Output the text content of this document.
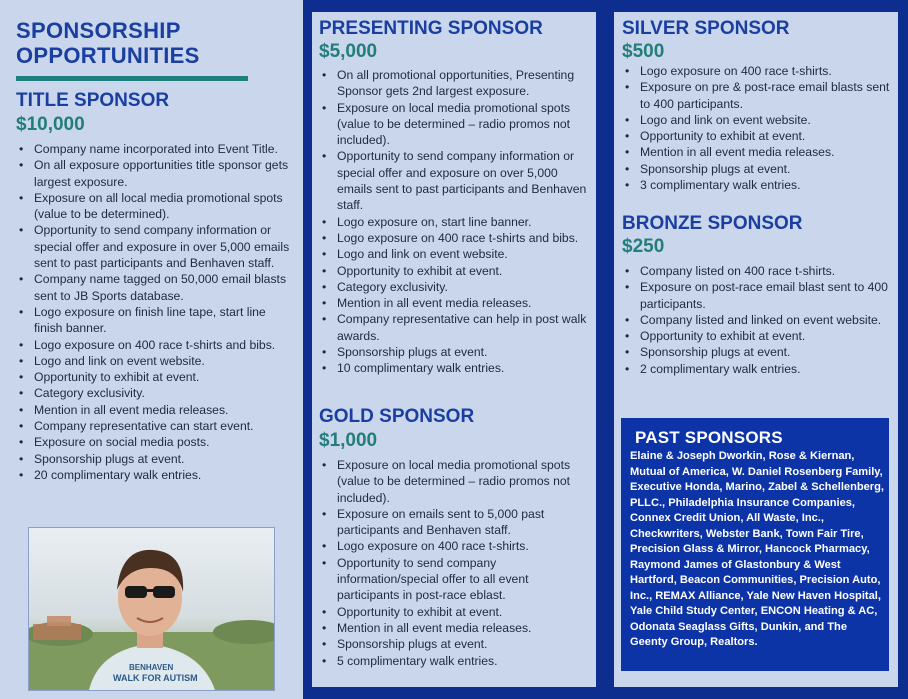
SPONSORSHIP
OPPORTUNITIES
TITLE SPONSOR
$10,000
• Company name incorporated into Event Title.
• On all exposure opportunities title sponsor gets largest exposure.
• Exposure on all local media promotional spots (value to be determined).
• Opportunity to send company information or special offer and exposure in over 5,000 emails sent to past participants and Benhaven staff.
• Company name tagged on 50,000 email blasts sent to JB Sports database.
• Logo exposure on finish line tape, start line finish banner.
• Logo exposure on 400 race t-shirts and bibs.
• Logo and link on event website.
• Opportunity to exhibit at event.
• Category exclusivity.
• Mention in all event media releases.
• Company representative can start event.
• Exposure on social media posts.
• Sponsorship plugs at event.
• 20 complimentary walk entries.
BENHAVEN
WALK FOR AUTISM
PRESENTING SPONSOR
$5,000
• On all promotional opportunities, Presenting Sponsor gets 2nd largest exposure.
• Exposure on local media promotional spots (value to be determined – radio promos not included).
• Opportunity to send company information or special offer and exposure on over 5,000 emails sent to past participants and Benhaven staff.
• Logo exposure on, start line banner.
• Logo exposure on 400 race t-shirts and bibs.
• Logo and link on event website.
• Opportunity to exhibit at event.
• Category exclusivity.
• Mention in all event media releases.
• Company representative can help in post walk awards.
• Sponsorship plugs at event.
• 10 complimentary walk entries.
GOLD SPONSOR
$1,000
• Exposure on local media promotional spots (value to be determined – radio promos not included).
• Exposure on emails sent to 5,000 past participants and Benhaven staff.
• Logo exposure on 400 race t-shirts.
• Opportunity to send company information/special offer to all event participants in post-race eblast.
• Opportunity to exhibit at event.
• Mention in all event media releases.
• Sponsorship plugs at event.
• 5 complimentary walk entries.
SILVER SPONSOR
$500
• Logo exposure on 400 race t-shirts.
• Exposure on pre & post-race email blasts sent to 400 participants.
• Logo and link on event website.
• Opportunity to exhibit at event.
• Mention in all event media releases.
• Sponsorship plugs at event.
• 3 complimentary walk entries.
BRONZE SPONSOR
$250
• Company listed on 400 race t-shirts.
• Exposure on post-race email blast sent to 400 participants.
• Company listed and linked on event website.
• Opportunity to exhibit at event.
• Sponsorship plugs at event.
• 2 complimentary walk entries.
PAST SPONSORS

Elaine & Joseph Dworkin, Rose & Kiernan, Mutual of America, W. Daniel Rosenberg Family, Executive Honda, Marino, Zabel & Schellenberg, PLLC., Philadelphia Insurance Companies, Connex Credit Union, All Waste, Inc., Checkwriters, Webster Bank, Town Fair Tire, Precision Glass & Mirror, Hancock Pharmacy, Raymond James of Glastonbury & West Hartford, Beacon Communities, Precision Auto, Inc., REMAX Alliance, Yale New Haven Hospital, Yale Child Study Center, ENCON Heating & AC, Odonata Seaglass Gifts, Dunkin, and The Geenty Group, Realtors.
